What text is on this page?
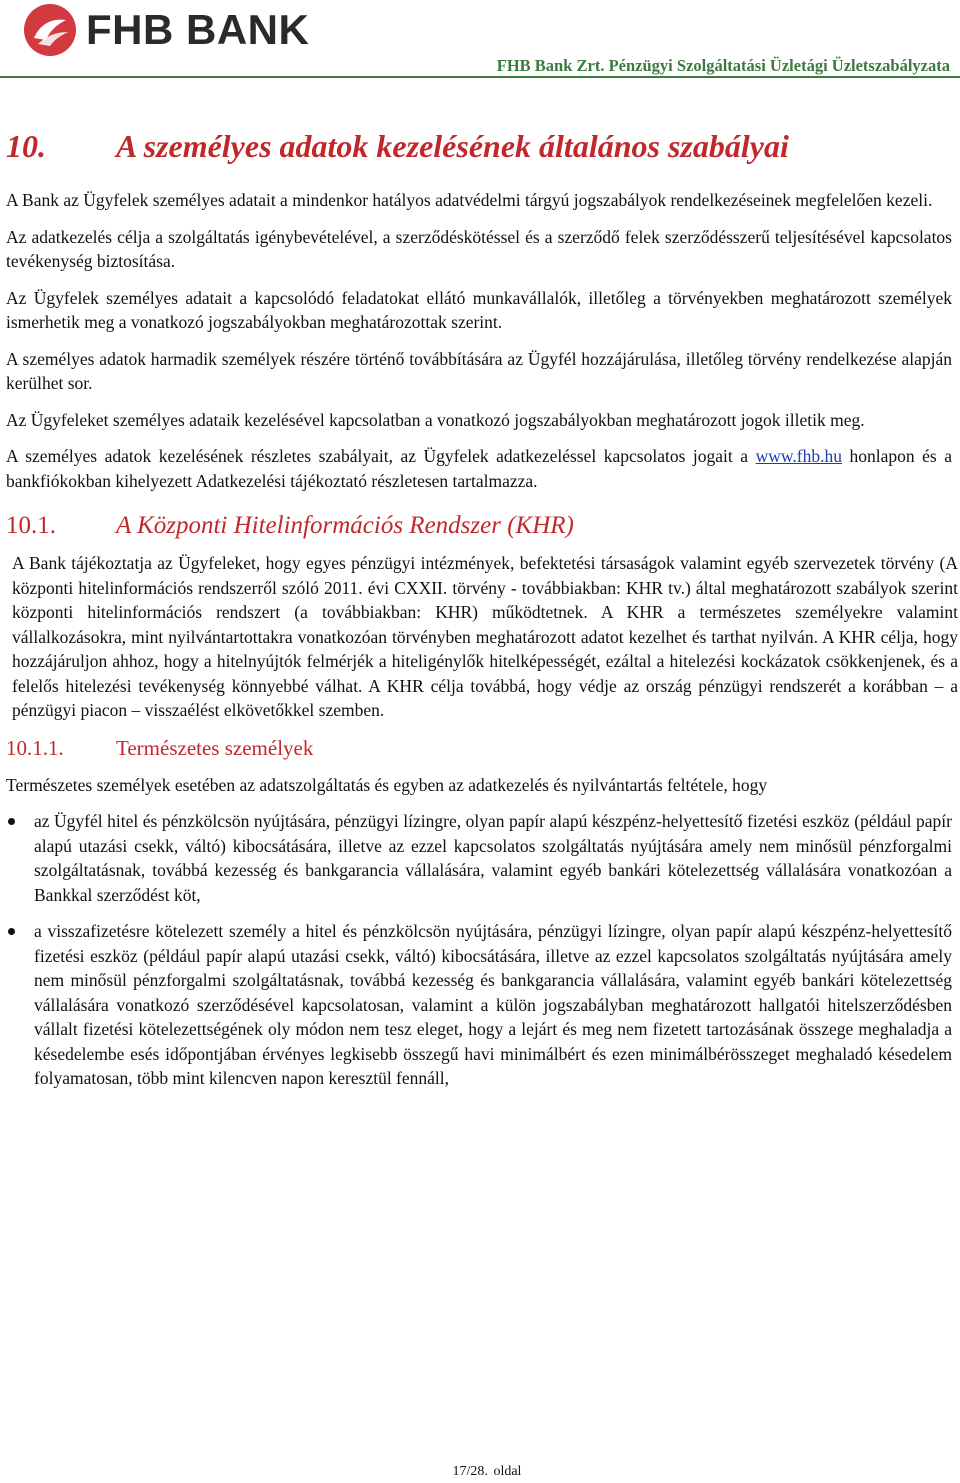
FHB BANK
FHB Bank Zrt. Pénzügyi Szolgáltatási Üzletági Üzletszabályzata
10.	A személyes adatok kezelésének általános szabályai

A Bank az Ügyfelek személyes adatait a mindenkor hatályos adatvédelmi tárgyú jogszabályok rendelkezéseinek megfelelően kezeli.

Az adatkezelés célja a szolgáltatás igénybevételével, a szerződéskötéssel és a szerződő felek szerződésszerű teljesítésével kapcsolatos tevékenység biztosítása.

Az Ügyfelek személyes adatait a kapcsolódó feladatokat ellátó munkavállalók, illetőleg a törvényekben meghatározott személyek ismerhetik meg a vonatkozó jogszabályokban meghatározottak szerint.

A személyes adatok harmadik személyek részére történő továbbítására az Ügyfél hozzájárulása, illetőleg törvény rendelkezése alapján kerülhet sor.

Az Ügyfeleket személyes adataik kezelésével kapcsolatban a vonatkozó jogszabályokban meghatározott jogok illetik meg.

A személyes adatok kezelésének részletes szabályait, az Ügyfelek adatkezeléssel kapcsolatos jogait a www.fhb.hu honlapon és a bankfiókokban kihelyezett Adatkezelési tájékoztató részletesen tartalmazza.

10.1.	A Központi Hitelinformációs Rendszer (KHR)

A Bank tájékoztatja az Ügyfeleket, hogy egyes pénzügyi intézmények, befektetési társaságok valamint egyéb szervezetek törvény (A központi hitelinformációs rendszerről szóló 2011. évi CXXII. törvény - továbbiakban: KHR tv.) által meghatározott szabályok szerint központi hitelinformációs rendszert (a továbbiakban: KHR) működtetnek. A KHR a természetes személyekre valamint vállalkozásokra, mint nyilvántartottakra vonatkozóan törvényben meghatározott adatot kezelhet és tarthat nyilván. A KHR célja, hogy hozzájáruljon ahhoz, hogy a hitelnyújtók felmérjék a hiteligénylők hitelképességét, ezáltal a hitelezési kockázatok csökkenjenek, és a felelős hitelezési tevékenység könnyebbé válhat. A KHR célja továbbá, hogy védje az ország pénzügyi rendszerét a korábban – a pénzügyi piacon – visszaélést elkövetőkkel szemben.

10.1.1.	Természetes személyek

Természetes személyek esetében az adatszolgáltatás és egyben az adatkezelés és nyilvántartás feltétele, hogy

az Ügyfél hitel és pénzkölcsön nyújtására, pénzügyi lízingre, olyan papír alapú készpénz-helyettesítő fizetési eszköz (például papír alapú utazási csekk, váltó) kibocsátására, illetve az ezzel kapcsolatos szolgáltatás nyújtására amely nem minősül pénzforgalmi szolgáltatásnak, továbbá kezesség és bankgarancia vállalására, valamint egyéb bankári kötelezettség vállalására vonatkozóan a Bankkal szerződést köt,

a visszafizetésre kötelezett személy a hitel és pénzkölcsön nyújtására, pénzügyi lízingre, olyan papír alapú készpénz-helyettesítő fizetési eszköz (például papír alapú utazási csekk, váltó) kibocsátására, illetve az ezzel kapcsolatos szolgáltatás nyújtására amely nem minősül pénzforgalmi szolgáltatásnak, továbbá kezesség és bankgarancia vállalására, valamint egyéb bankári kötelezettség vállalására vonatkozó szerződésével kapcsolatosan, valamint a külön jogszabályban meghatározott hallgatói hitelszerződésben vállalt fizetési kötelezettségének oly módon nem tesz eleget, hogy a lejárt és meg nem fizetett tartozásának összege meghaladja a késedelembe esés időpontjában érvényes legkisebb összegű havi minimálbért és ezen minimálbérösszeget meghaladó késedelem folyamatosan, több mint kilencven napon keresztül fennáll,

17/28. oldal
